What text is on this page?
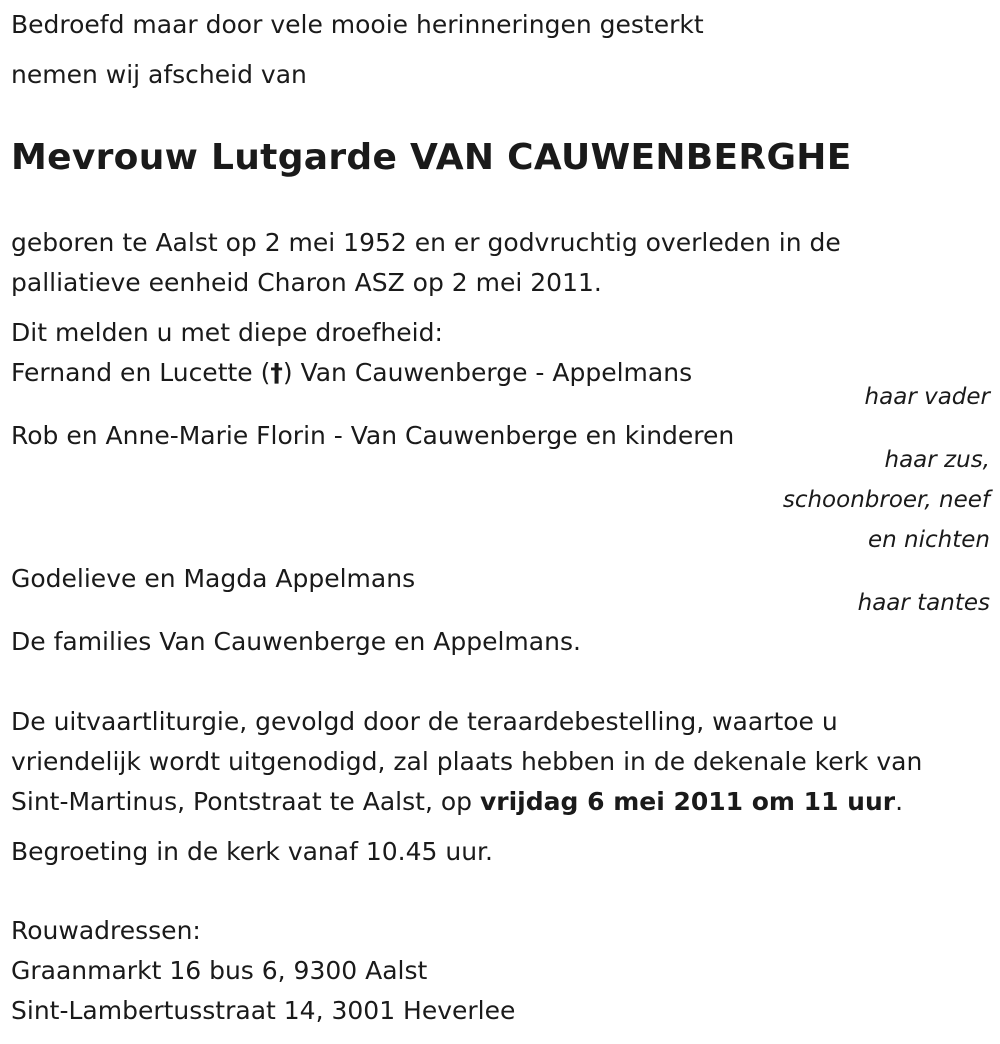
Bedroefd maar door vele mooie herinneringen gesterkt
nemen wij afscheid van
Mevrouw Lutgarde VAN CAUWENBERGHE
geboren te Aalst op 2 mei 1952 en er godvruchtig overleden in de
palliatieve eenheid Charon ASZ op 2 mei 2011.
Dit melden u met diepe droefheid:
Fernand en Lucette (†) Van Cauwenberge - Appelmans
haar vader
Rob en Anne-Marie Florin - Van Cauwenberge en kinderen
haar zus,
schoonbroer, neef
en nichten
Godelieve en Magda Appelmans
haar tantes
De families Van Cauwenberge en Appelmans.
De uitvaartliturgie, gevolgd door de teraardebestelling, waartoe u
vriendelijk wordt uitgenodigd, zal plaats hebben in de dekenale kerk van
Sint-Martinus, Pontstraat te Aalst, op vrijdag 6 mei 2011 om 11 uur.
Begroeting in de kerk vanaf 10.45 uur.
Rouwadressen:
Graanmarkt 16 bus 6, 9300 Aalst
Sint-Lambertusstraat 14, 3001 Heverlee
